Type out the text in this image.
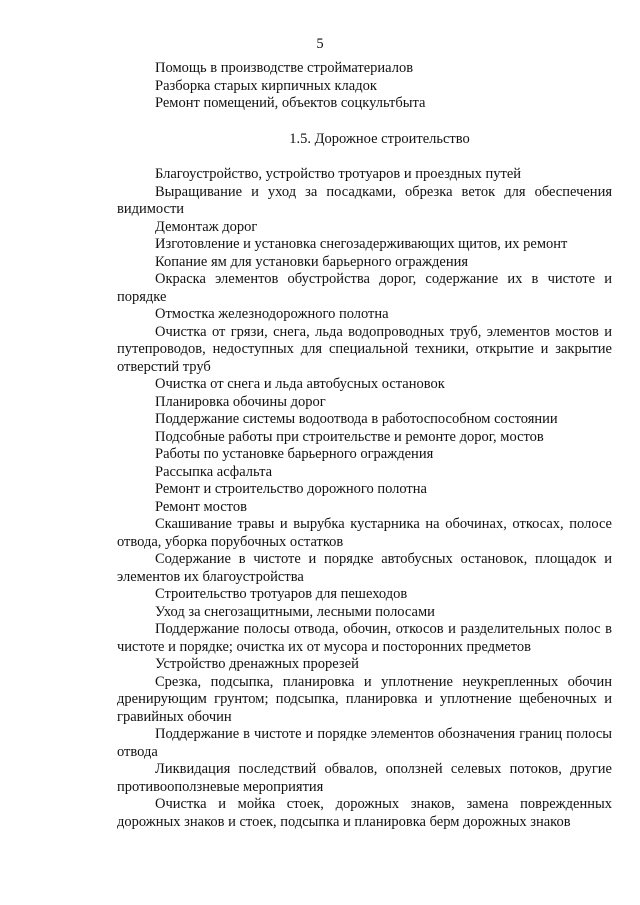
5

Помощь в производстве стройматериалов

Разборка старых кирпичных кладок

Ремонт помещений, объектов соцкультбыта

1.5. Дорожное строительство

Благоустройство, устройство тротуаров и проездных путей

Выращивание и уход за посадками, обрезка веток для обеспечения видимости

Демонтаж дорог

Изготовление и установка снегозадерживающих щитов, их ремонт

Копание ям для установки барьерного ограждения

Окраска элементов обустройства дорог, содержание их в чистоте и порядке

Отмостка железнодорожного полотна

Очистка от грязи, снега, льда водопроводных труб, элементов мостов и путепроводов, недоступных для специальной техники, открытие и закрытие отверстий труб

Очистка от снега и льда автобусных остановок

Планировка обочины дорог

Поддержание системы водоотвода в работоспособном состоянии

Подсобные работы при строительстве и ремонте дорог, мостов

Работы по установке барьерного ограждения

Рассыпка асфальта

Ремонт и строительство дорожного полотна

Ремонт мостов

Скашивание травы и вырубка кустарника на обочинах, откосах, полосе отвода, уборка порубочных остатков

Содержание в чистоте и порядке автобусных остановок, площадок и элементов их благоустройства

Строительство тротуаров для пешеходов

Уход за снегозащитными, лесными полосами

Поддержание полосы отвода, обочин, откосов и разделительных полос в чистоте и порядке; очистка их от мусора и посторонних предметов

Устройство дренажных прорезей

Срезка, подсыпка, планировка и уплотнение неукрепленных обочин дренирующим грунтом; подсыпка, планировка и уплотнение щебеночных и гравийных обочин

Поддержание в чистоте и порядке элементов обозначения границ полосы отвода

Ликвидация последствий обвалов, оползней селевых потоков, другие противооползневые мероприятия

Очистка и мойка стоек, дорожных знаков, замена поврежденных дорожных знаков и стоек, подсыпка и планировка берм дорожных знаков
